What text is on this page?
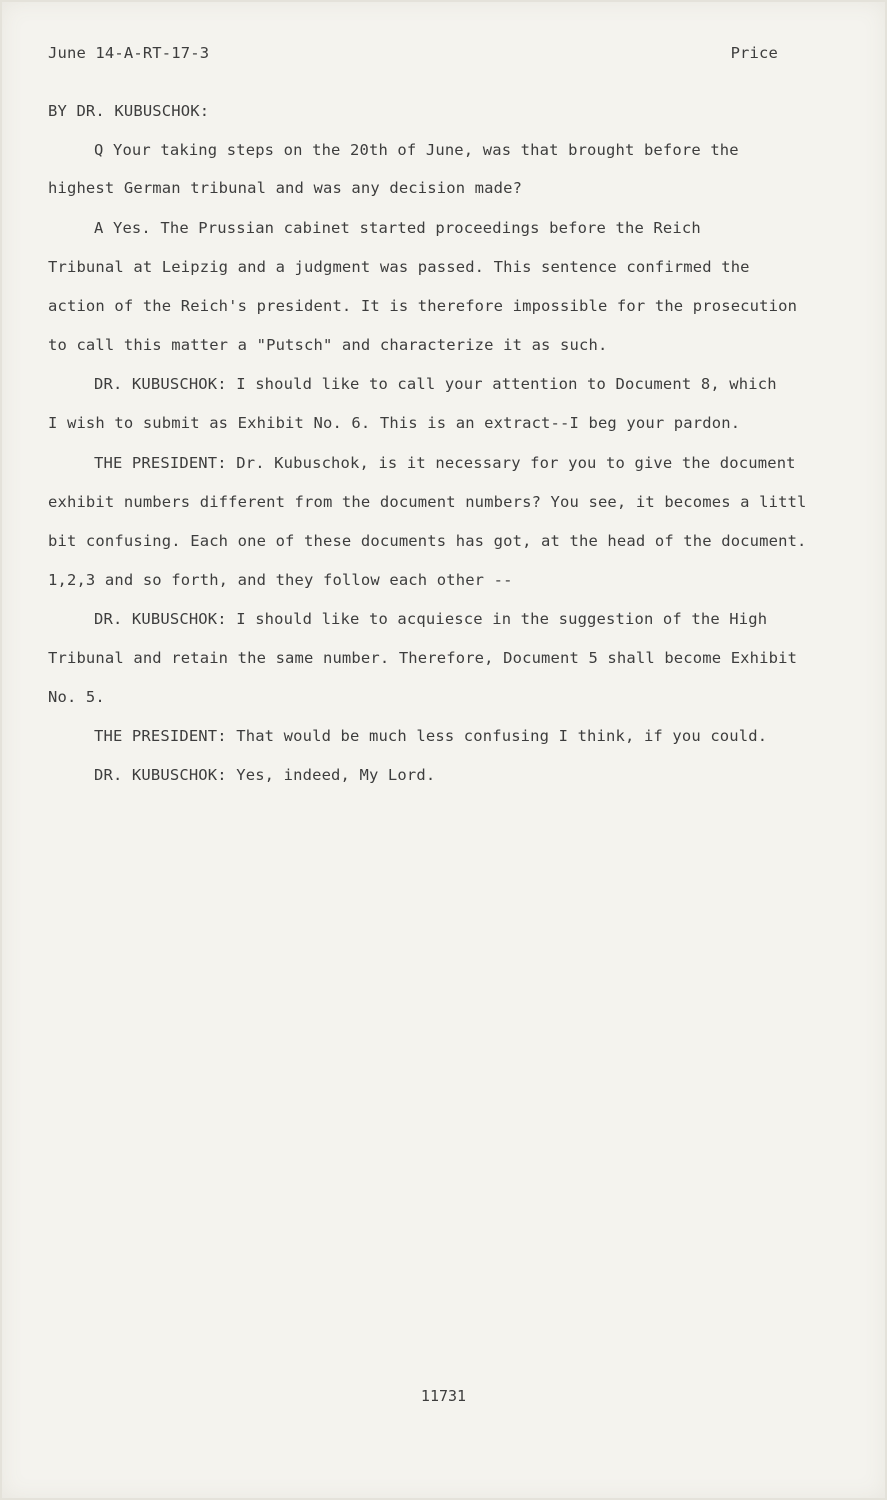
June 14-A-RT-17-3	Price
BY DR. KUBUSCHOK:
Q Your taking steps on the 20th of June, was that brought before the
highest German tribunal and was any decision made?
A Yes. The Prussian cabinet started proceedings before the Reich
Tribunal at Leipzig and a judgment was passed. This sentence confirmed the
action of the Reich's president. It is therefore impossible for the prosecution
to call this matter a "Putsch" and characterize it as such.
DR. KUBUSCHOK: I should like to call your attention to Document 8, which
I wish to submit as Exhibit No. 6. This is an extract--I beg your pardon.
THE PRESIDENT: Dr. Kubuschok, is it necessary for you to give the document
exhibit numbers different from the document numbers? You see, it becomes a littl
bit confusing. Each one of these documents has got, at the head of the document.
1,2,3 and so forth, and they follow each other --
DR. KUBUSCHOK: I should like to acquiesce in the suggestion of the High
Tribunal and retain the same number. Therefore, Document 5 shall become Exhibit
No. 5.
THE PRESIDENT: That would be much less confusing I think, if you could.
DR. KUBUSCHOK: Yes, indeed, My Lord.
11731
